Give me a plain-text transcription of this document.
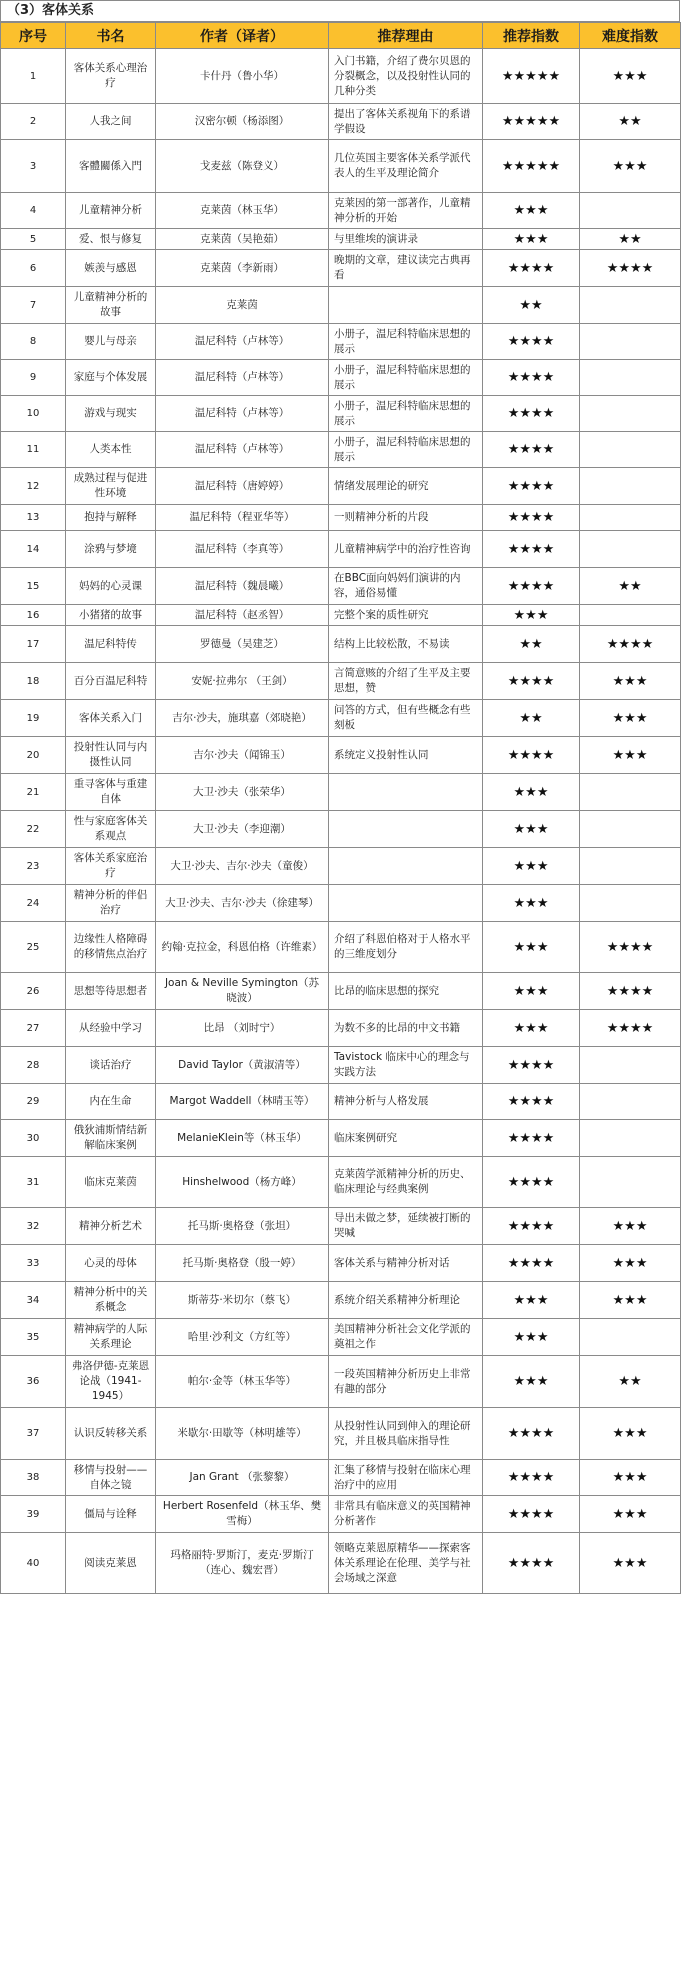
（3）客体关系
序号	书名	作者（译者）	推荐理由	推荐指数	难度指数
1	客体关系心理治疗	卡什丹（鲁小华）	入门书籍，介绍了费尔贝恩的分裂概念，以及投射性认同的几种分类	★★★★★	★★★
2	人我之间	汉密尔顿（杨添图）	提出了客体关系视角下的系谱学假设	★★★★★	★★
3	客體關係入門	戈麦兹（陈登义）	几位英国主要客体关系学派代表人的生平及理论简介	★★★★★	★★★
4	儿童精神分析	克莱茵（林玉华）	克莱因的第一部著作，儿童精神分析的开始	★★★	
5	爱、恨与修复	克莱茵（吴艳茹）	与里维埃的演讲录	★★★	★★
6	嫉羡与感恩	克莱茵（李新雨）	晚期的文章，建议读完古典再看	★★★★	★★★★
7	儿童精神分析的故事	克莱茵		★★	
8	婴儿与母亲	温尼科特（卢林等）	小册子，温尼科特临床思想的展示	★★★★	
9	家庭与个体发展	温尼科特（卢林等）	小册子，温尼科特临床思想的展示	★★★★	
10	游戏与现实	温尼科特（卢林等）	小册子，温尼科特临床思想的展示	★★★★	
11	人类本性	温尼科特（卢林等）	小册子，温尼科特临床思想的展示	★★★★	
12	成熟过程与促进性环境	温尼科特（唐婷婷）	情绪发展理论的研究	★★★★	
13	抱持与解释	温尼科特（程亚华等）	一则精神分析的片段	★★★★	
14	涂鸦与梦境	温尼科特（李真等）	儿童精神病学中的治疗性咨询	★★★★	
15	妈妈的心灵课	温尼科特（魏晨曦）	在BBC面向妈妈们演讲的内容，通俗易懂	★★★★	★★
16	小猪猪的故事	温尼科特（赵丞智）	完整个案的质性研究	★★★	
17	温尼科特传	罗德曼（吴建芝）	结构上比较松散，不易读	★★	★★★★
18	百分百温尼科特	安妮·拉弗尔 （王剑）	言简意赅的介绍了生平及主要思想，赞	★★★★	★★★
19	客体关系入门	吉尔·沙夫，施琪嘉（郊晓艳）	问答的方式，但有些概念有些刻板	★★	★★★
20	投射性认同与内摄性认同	吉尔·沙夫（闻锦玉）	系统定义投射性认同	★★★★	★★★
21	重寻客体与重建自体	大卫·沙夫（张荣华）		★★★	
22	性与家庭客体关系观点	大卫·沙夫（李迎潮）		★★★	
23	客体关系家庭治疗	大卫·沙夫、吉尔·沙夫（童俊）		★★★	
24	精神分析的伴侣治疗	大卫·沙夫、吉尔·沙夫（徐建琴）		★★★	
25	边缘性人格障碍的移情焦点治疗	约翰·克拉金，科恩伯格（许维素）	介绍了科恩伯格对于人格水平的三维度划分	★★★	★★★★
26	思想等待思想者	Joan & Neville Symington（苏晓波）	比昂的临床思想的探究	★★★	★★★★
27	从经验中学习	比昂 （刘时宁）	为数不多的比昂的中文书籍	★★★	★★★★
28	谈话治疗	David Taylor（黄淑清等）	Tavistock 临床中心的理念与实践方法	★★★★	
29	内在生命	Margot Waddell（林晴玉等）	精神分析与人格发展	★★★★	
30	俄狄浦斯情结新解临床案例	MelanieKlein等（林玉华）	临床案例研究	★★★★	
31	临床克莱茵	Hinshelwood（杨方峰）	克莱茵学派精神分析的历史、临床理论与经典案例	★★★★	
32	精神分析艺术	托马斯·奥格登（张坦）	导出未做之梦，延续被打断的哭喊	★★★★	★★★
33	心灵的母体	托马斯·奥格登（殷一婷）	客体关系与精神分析对话	★★★★	★★★
34	精神分析中的关系概念	斯蒂芬·米切尔（蔡飞）	系统介绍关系精神分析理论	★★★	★★★
35	精神病学的人际关系理论	哈里·沙利文（方红等）	美国精神分析社会文化学派的奠祖之作	★★★	
36	弗洛伊德-克莱恩论战（1941-1945）	帕尔·金等（林玉华等）	一段英国精神分析历史上非常有趣的部分	★★★	★★
37	认识反转移关系	米歇尔·田歇等（林明雄等）	从投射性认同到伸入的理论研究，并且极具临床指导性	★★★★	★★★
38	移情与投射——自体之镜	Jan Grant （张黎黎）	汇集了移情与投射在临床心理治疗中的应用	★★★★	★★★
39	僵局与诠释	Herbert Rosenfeld（林玉华、樊雪梅）	非常具有临床意义的英国精神分析著作	★★★★	★★★
40	阅读克莱恩	玛格丽特·罗斯汀，麦克·罗斯汀（连心、魏宏晋）	领略克莱恩原精华——探索客体关系理论在伦理、美学与社会场域之深意	★★★★	★★★
